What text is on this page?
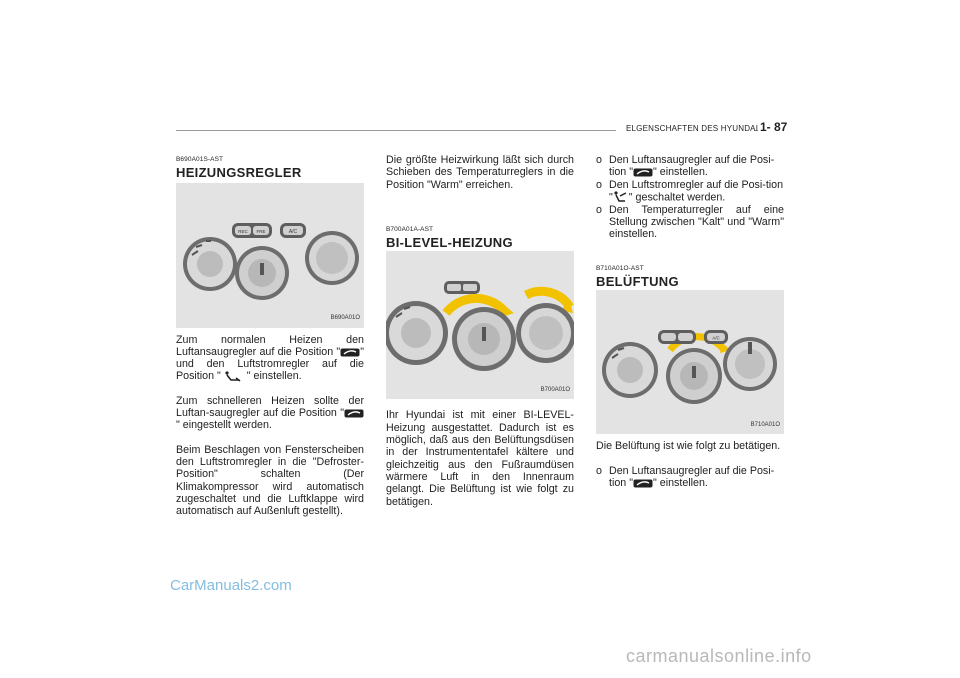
ELGENSCHAFTEN DES HYUNDAI 1- 87
B690A01S-AST
HEIZUNGSREGLER
REC FRE	A/C
B690A01O

Zum normalen Heizen den Luftansaugregler auf die Position " " und den Luftstromregler auf die Position " " einstellen.

Zum schnelleren Heizen sollte der Luftan-saugregler auf die Position "" eingestellt werden.

Beim Beschlagen von Fensterscheiben den Luftstromregler in die "Defroster-Position" schalten (Der Klimakompressor wird automatisch zugeschaltet und die Luftklappe wird automatisch auf Außenluft gestellt).

Die größte Heizwirkung läßt sich durch Schieben des Temperaturreglers in die Position "Warm" erreichen.

B700A01A-AST
BI-LEVEL-HEIZUNG
B700A01O

Ihr Hyundai ist mit einer BI-LEVEL-Heizung ausgestattet. Dadurch ist es möglich, daß aus den Belüftungsdüsen in der Instrumententafel kältere und gleichzeitig aus den Fußraumdüsen wärmere Luft in den Innenraum gelangt. Die Belüftung ist wie folgt zu betätigen.

o Den Luftansaugregler auf die Posi-tion " " einstellen.
o Den Luftstromregler auf die Posi-tion " " geschaltet werden.
o Den Temperaturregler auf eine Stellung zwischen "Kalt" und "Warm" einstellen.
B710A01O-AST
BELÜFTUNG
A/C
B710A01O

Die Belüftung ist wie folgt zu betätigen.

o Den Luftansaugregler auf die Posi-tion " " einstellen.
CarManuals2.com
carmanualsonline.info
